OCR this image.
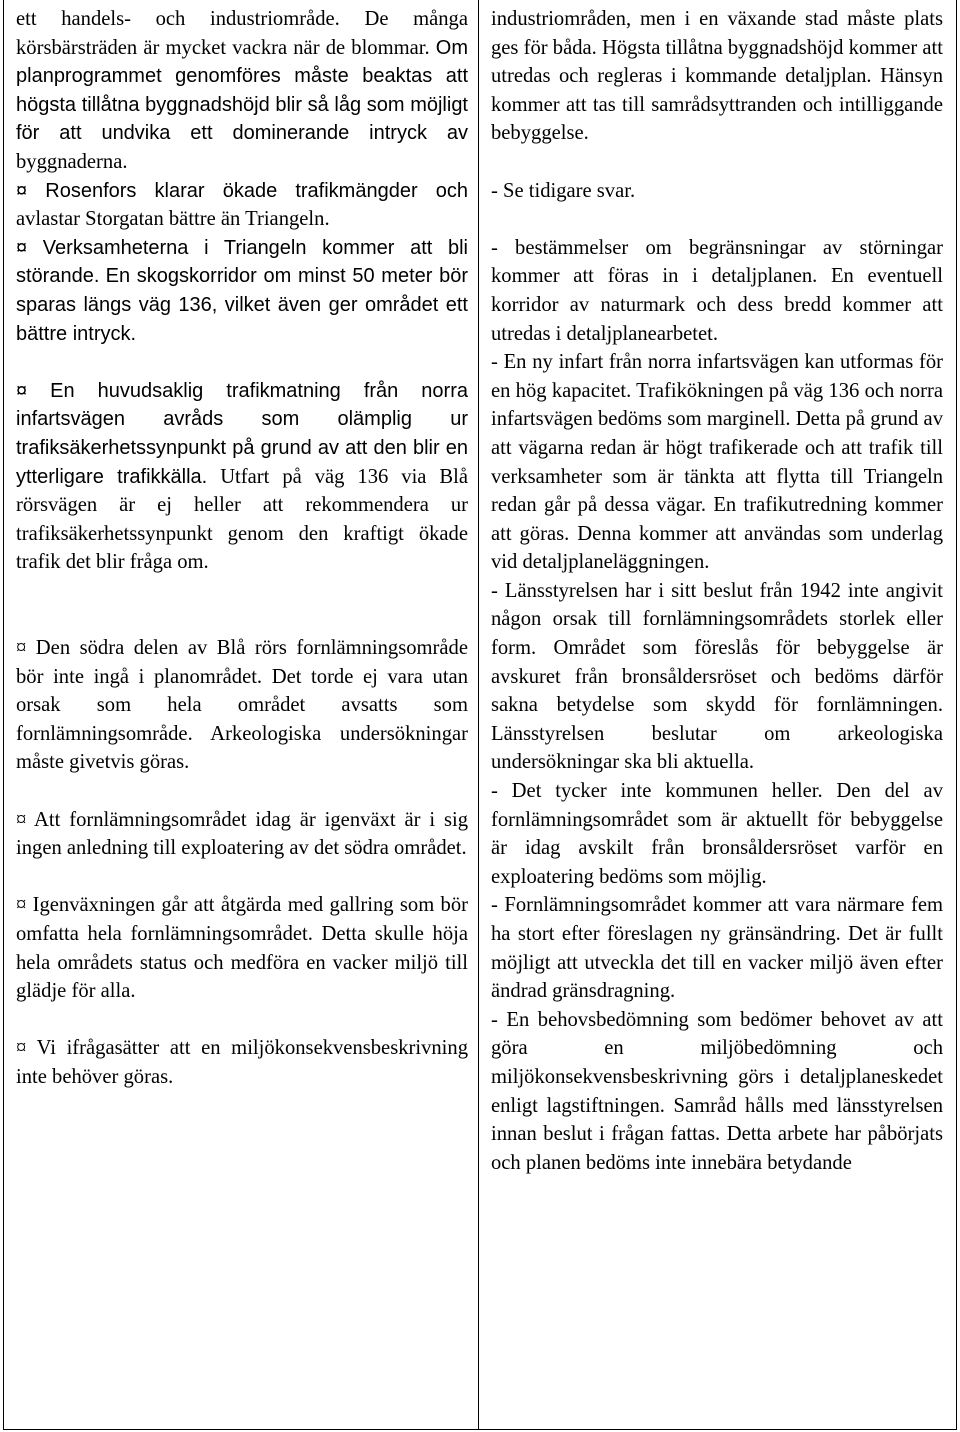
ett handels- och industriområde. De många körsbärsträden är mycket vackra när de blommar. Om planprogrammet genomföres måste beaktas att högsta tillåtna byggnadshöjd blir så låg som möjligt för att undvika ett dominerande intryck av byggnaderna.
¤ Rosenfors klarar ökade trafikmängder och avlastar Storgatan bättre än Triangeln.
¤ Verksamheterna i Triangeln kommer att bli störande. En skogskorridor om minst 50 meter bör sparas längs väg 136, vilket även ger området ett bättre intryck.
¤ En huvudsaklig trafikmatning från norra infartsvägen avråds som olämplig ur trafiksäkerhetssynpunkt på grund av att den blir en ytterligare trafikkälla. Utfart på väg 136 via Blå rörsvägen är ej heller att rekommendera ur trafiksäkerhetssynpunkt genom den kraftigt ökade trafik det blir fråga om.
¤ Den södra delen av Blå rörs fornlämningsområde bör inte ingå i planområdet. Det torde ej vara utan orsak som hela området avsatts som fornlämningsområde. Arkeologiska undersökningar måste givetvis göras.
¤ Att fornlämningsområdet idag är igenväxt är i sig ingen anledning till exploatering av det södra området.
¤ Igenväxningen går att åtgärda med gallring som bör omfatta hela fornlämningsområdet. Detta skulle höja hela områdets status och medföra en vacker miljö till glädje för alla.
¤ Vi ifrågasätter att en miljökonsekvensbeskrivning inte behöver göras.
industriområden, men i en växande stad måste plats ges för båda. Högsta tillåtna byggnadshöjd kommer att utredas och regleras i kommande detaljplan. Hänsyn kommer att tas till samrådsyttranden och intilliggande bebyggelse.
- Se tidigare svar.
- bestämmelser om begränsningar av störningar kommer att föras in i detaljplanen. En eventuell korridor av naturmark och dess bredd kommer att utredas i detaljplanearbetet.
- En ny infart från norra infartsvägen kan utformas för en hög kapacitet. Trafikökningen på väg 136 och norra infartsvägen bedöms som marginell. Detta på grund av att vägarna redan är högt trafikerade och att trafik till verksamheter som är tänkta att flytta till Triangeln redan går på dessa vägar. En trafikutredning kommer att göras. Denna kommer att användas som underlag vid detaljplaneläggningen.
- Länsstyrelsen har i sitt beslut från 1942 inte angivit någon orsak till fornlämningsområdets storlek eller form. Området som föreslås för bebyggelse är avskuret från bronsåldersröset och bedöms därför sakna betydelse som skydd för fornlämningen. Länsstyrelsen beslutar om arkeologiska undersökningar ska bli aktuella.
- Det tycker inte kommunen heller. Den del av fornlämningsområdet som är aktuellt för bebyggelse är idag avskilt från bronsåldersröset varför en exploatering bedöms som möjlig.
- Fornlämningsområdet kommer att vara närmare fem ha stort efter föreslagen ny gränsändring. Det är fullt möjligt att utveckla det till en vacker miljö även efter ändrad gränsdragning.
- En behovsbedömning som bedömer behovet av att göra en miljöbedömning och miljökonsekvensbeskrivning görs i detaljplaneskedet enligt lagstiftningen. Samråd hålls med länsstyrelsen innan beslut i frågan fattas. Detta arbete har påbörjats och planen bedöms inte innebära betydande
